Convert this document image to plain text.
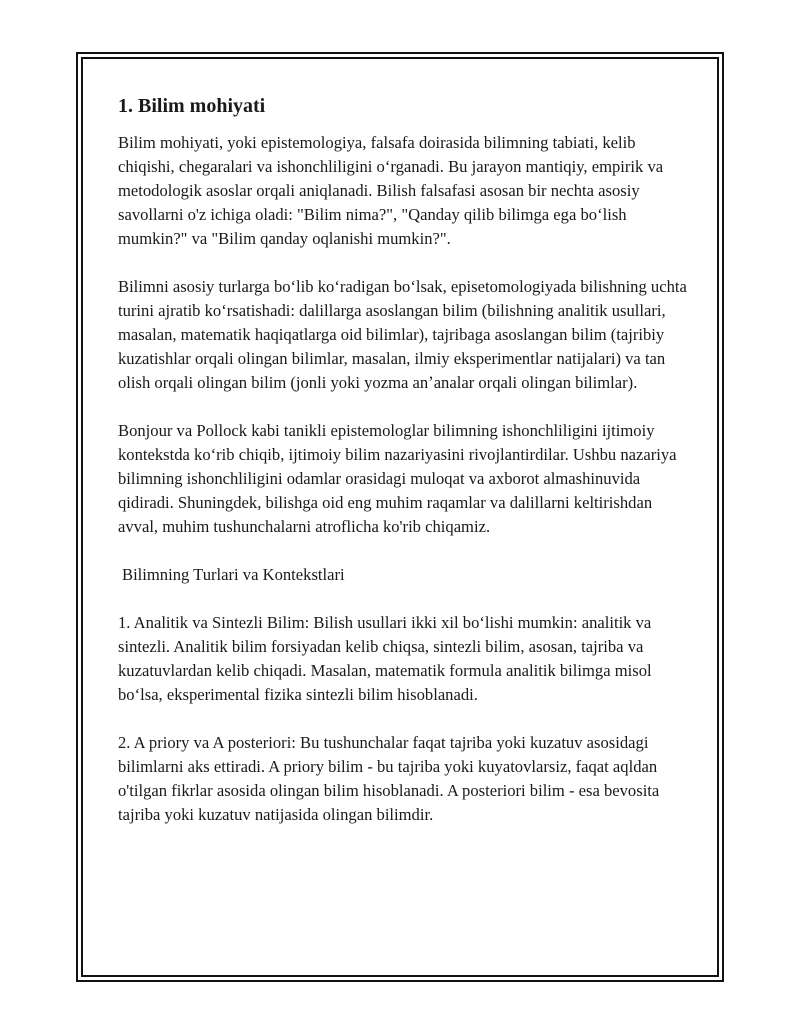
1. Bilim mohiyati

Bilim mohiyati, yoki epistemologiya, falsafa doirasida bilimning tabiati, kelib chiqishi, chegaralari va ishonchliligini oʻrganadi. Bu jarayon mantiqiy, empirik va metodologik asoslar orqali aniqlanadi. Bilish falsafasi asosan bir nechta asosiy savollarni o'z ichiga oladi: "Bilim nima?", "Qanday qilib bilimga ega boʻlish mumkin?" va "Bilim qanday oqlanishi mumkin?".

Bilimni asosiy turlarga boʻlib koʻradigan boʻlsak, episetomologiyada bilishning uchta turini ajratib koʻrsatishadi: dalillarga asoslangan bilim (bilishning analitik usullari, masalan, matematik haqiqatlarga oid bilimlar), tajribaga asoslangan bilim (tajribiy kuzatishlar orqali olingan bilimlar, masalan, ilmiy eksperimentlar natijalari) va tan olish orqali olingan bilim (jonli yoki yozma anʼanalar orqali olingan bilimlar).

Bonjour va Pollock kabi tanikli epistemologlar bilimning ishonchliligini ijtimoiy kontekstda koʻrib chiqib, ijtimoiy bilim nazariyasini rivojlantirdilar. Ushbu nazariya bilimning ishonchliligini odamlar orasidagi muloqat va axborot almashinuvida qidiradi. Shuningdek, bilishga oid eng muhim raqamlar va dalillarni keltirishdan avval, muhim tushunchalarni atroflicha ko'rib chiqamiz.

Bilimning Turlari va Kontekstlari

1. Analitik va Sintezli Bilim: Bilish usullari ikki xil boʻlishi mumkin: analitik va sintezli. Analitik bilim forsiyadan kelib chiqsa, sintezli bilim, asosan, tajriba va kuzatuvlardan kelib chiqadi. Masalan, matematik formula analitik bilimga misol boʻlsa, eksperimental fizika sintezli bilim hisoblanadi.

2. A priory va A posteriori: Bu tushunchalar faqat tajriba yoki kuzatuv asosidagi bilimlarni aks ettiradi. A priory bilim - bu tajriba yoki kuyatovlarsiz, faqat aqldan o'tilgan fikrlar asosida olingan bilim hisoblanadi. A posteriori bilim - esa bevosita tajriba yoki kuzatuv natijasida olingan bilimdir.
